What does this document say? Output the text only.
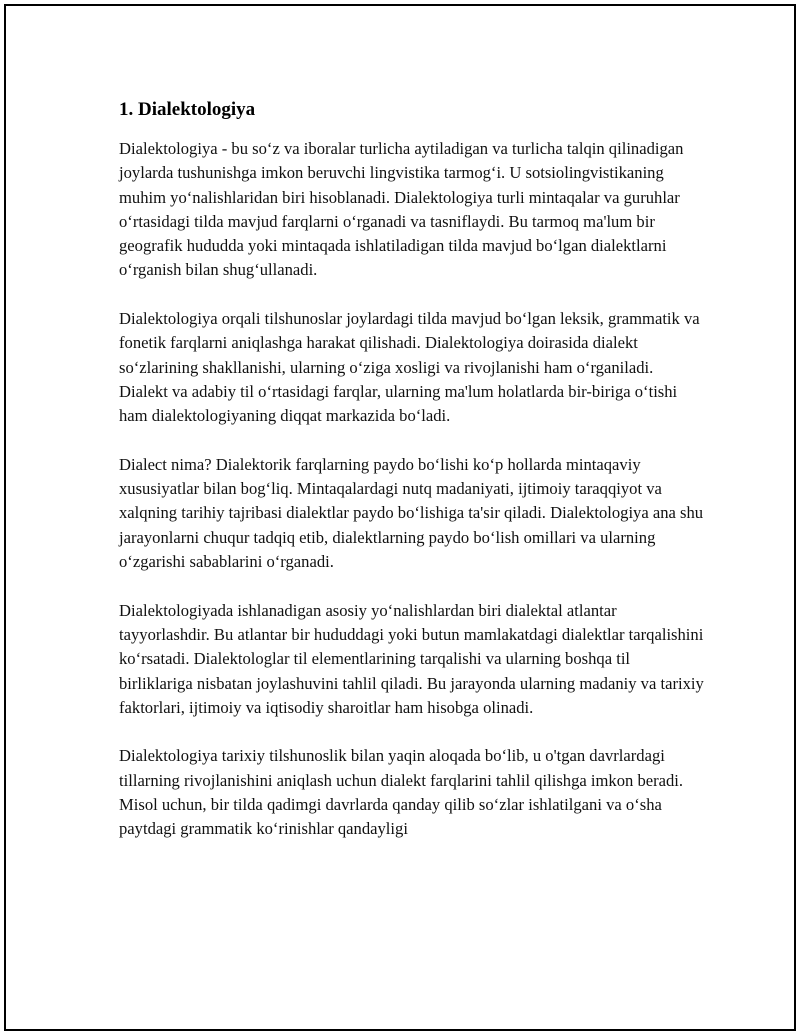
1. Dialektologiya

Dialektologiya - bu so‘z va iboralar turlicha aytiladigan va turlicha talqin qilinadigan joylarda tushunishga imkon beruvchi lingvistika tarmog‘i. U sotsiolingvistikaning muhim yo‘nalishlaridan biri hisoblanadi. Dialektologiya turli mintaqalar va guruhlar o‘rtasidagi tilda mavjud farqlarni o‘rganadi va tasniflaydi. Bu tarmoq ma'lum bir geografik hududda yoki mintaqada ishlatiladigan tilda mavjud bo‘lgan dialektlarni o‘rganish bilan shug‘ullanadi.

Dialektologiya orqali tilshunoslar joylardagi tilda mavjud bo‘lgan leksik, grammatik va fonetik farqlarni aniqlashga harakat qilishadi. Dialektologiya doirasida dialekt so‘zlarining shakllanishi, ularning o‘ziga xosligi va rivojlanishi ham o‘rganiladi. Dialekt va adabiy til o‘rtasidagi farqlar, ularning ma'lum holatlarda bir-biriga o‘tishi ham dialektologiyaning diqqat markazida bo‘ladi.

Dialect nima? Dialektorik farqlarning paydo bo‘lishi ko‘p hollarda mintaqaviy xususiyatlar bilan bog‘liq. Mintaqalardagi nutq madaniyati, ijtimoiy taraqqiyot va xalqning tarihiy tajribasi dialektlar paydo bo‘lishiga ta'sir qiladi. Dialektologiya ana shu jarayonlarni chuqur tadqiq etib, dialektlarning paydo bo‘lish omillari va ularning o‘zgarishi sabablarini o‘rganadi.

Dialektologiyada ishlanadigan asosiy yo‘nalishlardan biri dialektal atlantar tayyorlashdir. Bu atlantar bir hududdagi yoki butun mamlakatdagi dialektlar tarqalishini ko‘rsatadi. Dialektologlar til elementlarining tarqalishi va ularning boshqa til birliklariga nisbatan joylashuvini tahlil qiladi. Bu jarayonda ularning madaniy va tarixiy faktorlari, ijtimoiy va iqtisodiy sharoitlar ham hisobga olinadi.

Dialektologiya tarixiy tilshunoslik bilan yaqin aloqada bo‘lib, u o'tgan davrlardagi tillarning rivojlanishini aniqlash uchun dialekt farqlarini tahlil qilishga imkon beradi. Misol uchun, bir tilda qadimgi davrlarda qanday qilib so‘zlar ishlatilgani va o‘sha paytdagi grammatik ko‘rinishlar qandayligi
